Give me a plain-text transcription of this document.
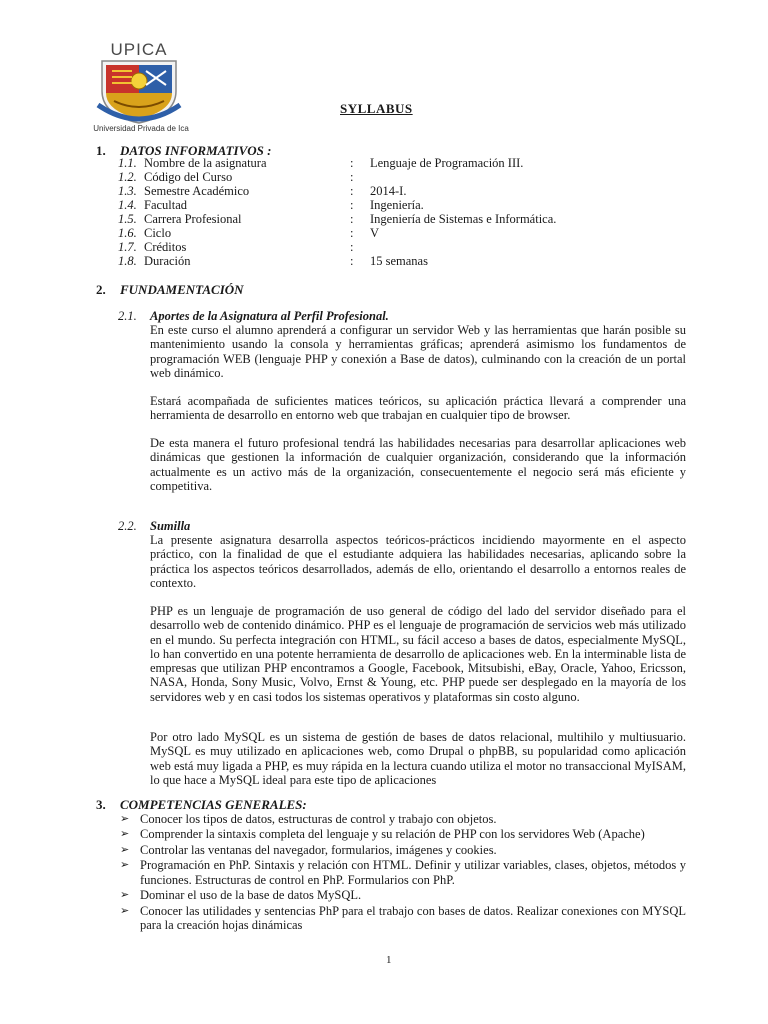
UPICA
Universidad Privada de Ica
SYLLABUS
1. DATOS INFORMATIVOS :
1.1. Nombre de la asignatura	: Lenguaje de Programación III.
1.2. Código del Curso	:
1.3. Semestre Académico	: 2014-I.
1.4. Facultad	: Ingeniería.
1.5. Carrera Profesional	: Ingeniería de Sistemas e Informática.
1.6. Ciclo	: V
1.7. Créditos	:
1.8. Duración	: 15 semanas
2. FUNDAMENTACIÓN
2.1. Aportes de la Asignatura al Perfil Profesional.

En este curso el alumno aprenderá a configurar un servidor Web y las herramientas que harán posible su mantenimiento usando la consola y herramientas gráficas; aprenderá asimismo los fundamentos de programación WEB (lenguaje PHP y conexión a Base de datos), culminando con la creación de un portal web dinámico.

Estará acompañada de suficientes matices teóricos, su aplicación práctica llevará a comprender una herramienta de desarrollo en entorno web que trabajan en cualquier tipo de browser.

De esta manera el futuro profesional tendrá las habilidades necesarias para desarrollar aplicaciones web dinámicas que gestionen la información de cualquier organización, considerando que la información actualmente es un activo más de la organización, consecuentemente el negocio será más eficiente y competitiva.

2.2. Sumilla

La presente asignatura desarrolla aspectos teóricos-prácticos incidiendo mayormente en el aspecto práctico, con la finalidad de que el estudiante adquiera las habilidades necesarias, aplicando sobre la práctica los aspectos teóricos desarrollados, además de ello, orientando el desarrollo a entornos reales de contexto.

PHP es un lenguaje de programación de uso general de código del lado del servidor diseñado para el desarrollo web de contenido dinámico. PHP es el lenguaje de programación de servicios web más utilizado en el mundo. Su perfecta integración con HTML, su fácil acceso a bases de datos, especialmente MySQL, lo han convertido en una potente herramienta de desarrollo de aplicaciones web. En la interminable lista de empresas que utilizan PHP encontramos a Google, Facebook, Mitsubishi, eBay, Oracle, Yahoo, Ericsson, NASA, Honda, Sony Music, Volvo, Ernst & Young, etc. PHP puede ser desplegado en la mayoría de los servidores web y en casi todos los sistemas operativos y plataformas sin costo alguno.

Por otro lado MySQL es un sistema de gestión de bases de datos relacional, multihilo y multiusuario. MySQL es muy utilizado en aplicaciones web, como Drupal o phpBB, su popularidad como aplicación web está muy ligada a PHP, es muy rápida en la lectura cuando utiliza el motor no transaccional MyISAM, lo que hace a MySQL ideal para este tipo de aplicaciones

3. COMPETENCIAS GENERALES:
➢ Conocer los tipos de datos, estructuras de control y trabajo con objetos.
➢ Comprender la sintaxis completa del lenguaje y su relación de PHP con los servidores Web (Apache)
➢ Controlar las ventanas del navegador, formularios, imágenes y cookies.
➢ Programación en PhP. Sintaxis y relación con HTML. Definir y utilizar variables, clases, objetos, métodos y funciones. Estructuras de control en PhP. Formularios con PhP.
➢ Dominar el uso de la base de datos MySQL.
➢ Conocer las utilidades y sentencias PhP para el trabajo con bases de datos. Realizar conexiones con MYSQL para la creación hojas dinámicas
1
